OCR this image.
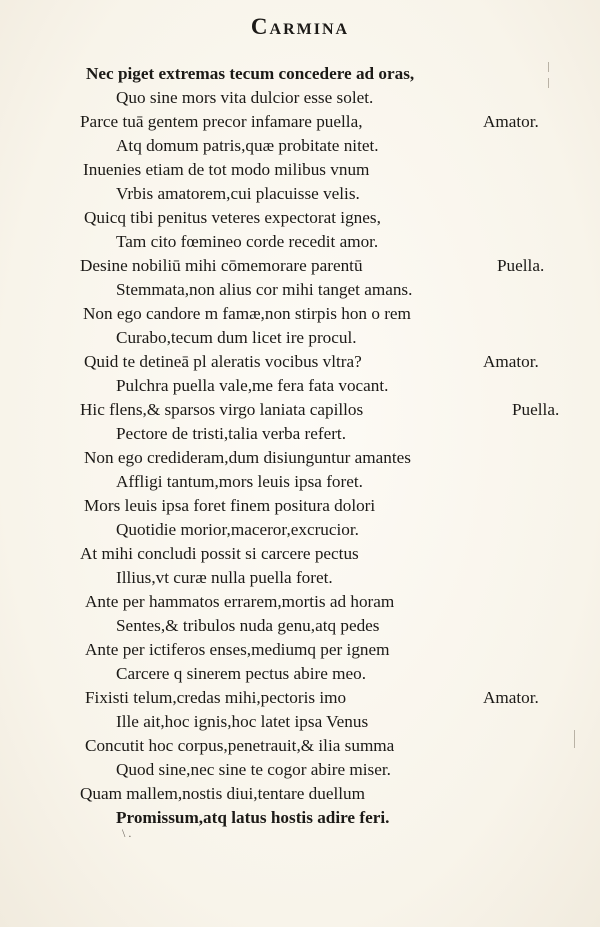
Carmina
Nec piget extremas tecum concedere ad oras,
Quo sine mors vita dulcior esse solet.
Parce tuā gentem precor infamare puella,
Atq domum patris,quæ probitate nitet.
Inuenies etiam de tot modo milibus vnum
Vrbis amatorem,cui placuisse velis.
Quicq tibi penitus veteres expectorat ignes,
Tam cito fœmineo corde recedit amor.
Desine nobiliū mihi cōmemorare parentū
Stemmata,non alius cor mihi tanget amans.
Non ego candore m famæ,non stirpis hon o rem
Curabo,tecum dum licet ire procul.
Quid te detineā pl aleratis vocibus vltra?
Pulchra puella vale,me fera fata vocant.
Hic flens,& sparsos virgo laniata capillos
Pectore de tristi,talia verba refert.
Non ego credideram,dum disiunguntur amantes
Affligi tantum,mors leuis ipsa foret.
Mors leuis ipsa foret finem positura dolori
Quotidie morior,maceror,excrucior.
At mihi concludi possit si carcere pectus
Illius,vt curæ nulla puella foret.
Ante per hammatos errarem,mortis ad horam
Sentes,& tribulos nuda genu,atq pedes
Ante per ictiferos enses,mediumq per ignem
Carcere q sinerem pectus abire meo.
Fixisti telum,credas mihi,pectoris imo
Ille ait,hoc ignis,hoc latet ipsa Venus
Concutit hoc corpus,penetrauit,& ilia summa
Quod sine,nec sine te cogor abire miser.
Quam mallem,nostis diui,tentare duellum
Promissum,atq latus hostis adire feri.
Amator.
Puella.
Amator.
Puella.
Amator.
\ .
